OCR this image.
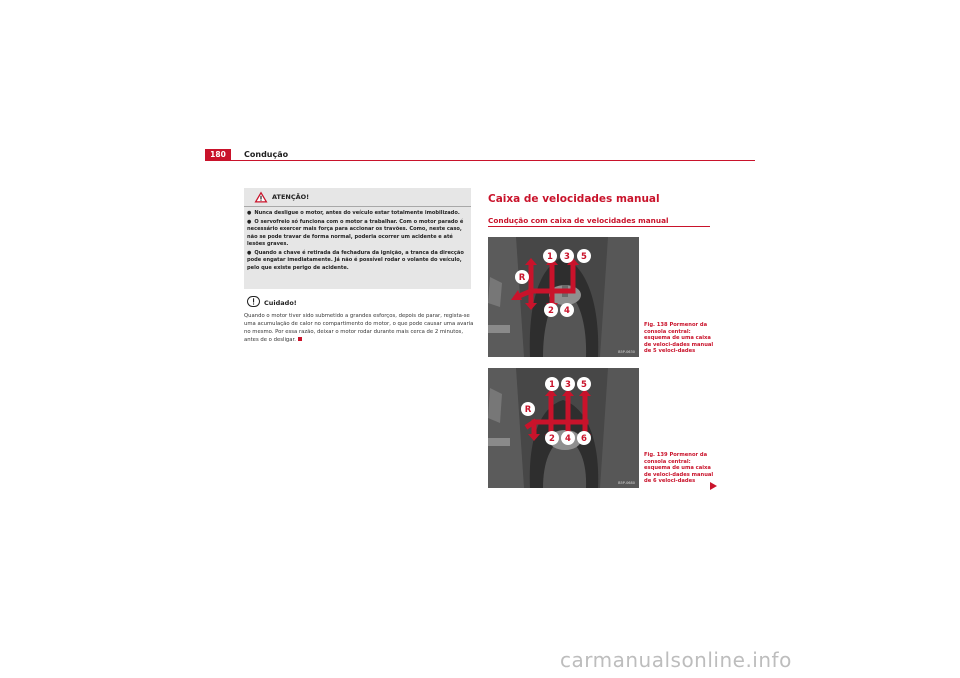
180	Condução
ATENÇÃO!
● Nunca desligue o motor, antes do veículo estar totalmente imobilizado.
● O servofreio só funciona com o motor a trabalhar. Com o motor parado é necessário exercer mais força para accionar os travões. Como, neste caso, não se pode travar de forma normal, poderia ocorrer um acidente e até lesões graves.
● Quando a chave é retirada da fechadura da ignição, a tranca da direcção pode engatar imediatamente. Já não é possível rodar o volante do veículo, pelo que existe perigo de acidente.
Cuidado!
Quando o motor tiver sido submetido a grandes esforços, depois de parar, regista-se uma acumulação de calor no compartimento do motor, o que pode causar uma avaria no mesmo. Por essa razão, deixar o motor rodar durante mais cerca de 2 minutos, antes de o desligar.
Caixa de velocidades manual
Condução com caixa de velocidades manual
1 3 5
R
2 4
B5P-0630
Fig. 138 Pormenor da consola central: esquema de uma caixa de veloci-dades manual de 5 veloci-dades
1 3 5
R
2 4 6
B5P-0680
Fig. 139 Pormenor da consola central: esquema de uma caixa de veloci-dades manual de 6 veloci-dades
carmanualsonline.info
